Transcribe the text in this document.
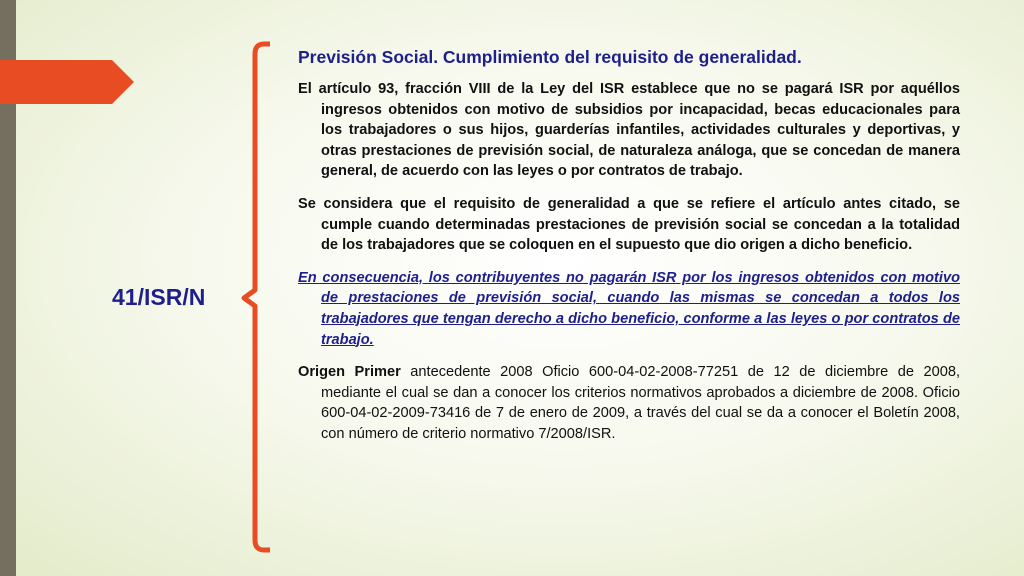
41/ISR/N
Previsión Social. Cumplimiento del requisito de generalidad.
El artículo 93, fracción VIII de la Ley del ISR establece que no se pagará ISR por aquéllos ingresos obtenidos con motivo de subsidios por incapacidad, becas educacionales para los trabajadores o sus hijos, guarderías infantiles, actividades culturales y deportivas, y otras prestaciones de previsión social, de naturaleza análoga, que se concedan de manera general, de acuerdo con las leyes o por contratos de trabajo.
Se considera que el requisito de generalidad a que se refiere el artículo antes citado, se cumple cuando determinadas prestaciones de previsión social se concedan a la totalidad de los trabajadores que se coloquen en el supuesto que dio origen a dicho beneficio.
En consecuencia, los contribuyentes no pagarán ISR por los ingresos obtenidos con motivo de prestaciones de previsión social, cuando las mismas se concedan a todos los trabajadores que tengan derecho a dicho beneficio, conforme a las leyes o por contratos de trabajo.
Origen Primer antecedente 2008 Oficio 600-04-02-2008-77251 de 12 de diciembre de 2008, mediante el cual se dan a conocer los criterios normativos aprobados a diciembre de 2008. Oficio 600-04-02-2009-73416 de 7 de enero de 2009, a través del cual se da a conocer el Boletín 2008, con número de criterio normativo 7/2008/ISR.
